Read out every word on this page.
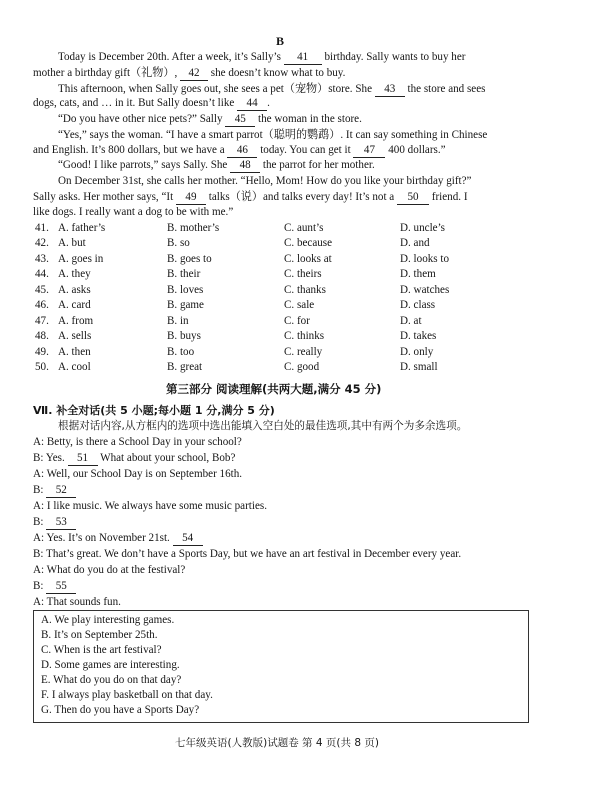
B
Today is December 20th. After a week, it’s Sally’s 41 birthday. Sally wants to buy her
mother a birthday gift（礼物）, 42 she doesn’t know what to buy.
This afternoon, when Sally goes out, she sees a pet（宠物）store. She 43 the store and sees
dogs, cats, and … in it. But Sally doesn’t like 44 .
“Do you have other nice pets?” Sally 45 the woman in the store.
“Yes,” says the woman. “I have a smart parrot（聪明的鹦鹉）. It can say something in Chinese
and English. It’s 800 dollars, but we have a 46 today. You can get it 47 400 dollars.”
“Good! I like parrots,” says Sally. She 48 the parrot for her mother.
On December 31st, she calls her mother. “Hello, Mom! How do you like your birthday gift?”
Sally asks. Her mother says, “It 49 talks（说）and talks every day! It’s not a 50 friend. I
like dogs. I really want a dog to be with me.”
41. A. father’s	B. mother’s	C. aunt’s	D. uncle’s
42. A. but	B. so	C. because	D. and
43. A. goes in	B. goes to	C. looks at	D. looks to
44. A. they	B. their	C. theirs	D. them
45. A. asks	B. loves	C. thanks	D. watches
46. A. card	B. game	C. sale	D. class
47. A. from	B. in	C. for	D. at
48. A. sells	B. buys	C. thinks	D. takes
49. A. then	B. too	C. really	D. only
50. A. cool	B. great	C. good	D. small
第三部分 阅读理解(共两大题,满分 45 分)
Ⅶ. 补全对话(共 5 小题;每小题 1 分,满分 5 分)
根据对话内容,从方框内的选项中选出能填入空白处的最佳选项,其中有两个为多余选项。
A: Betty, is there a School Day in your school?
B: Yes. 51 What about your school, Bob?
A: Well, our School Day is on September 16th.
B: 52
A: I like music. We always have some music parties.
B: 53
A: Yes. It’s on November 21st. 54
B: That’s great. We don’t have a Sports Day, but we have an art festival in December every year.
A: What do you do at the festival?
B: 55
A: That sounds fun.
A. We play interesting games.
B. It’s on September 25th.
C. When is the art festival?
D. Some games are interesting.
E. What do you do on that day?
F. I always play basketball on that day.
G. Then do you have a Sports Day?
七年级英语(人教版)试题卷 第 4 页(共 8 页)
